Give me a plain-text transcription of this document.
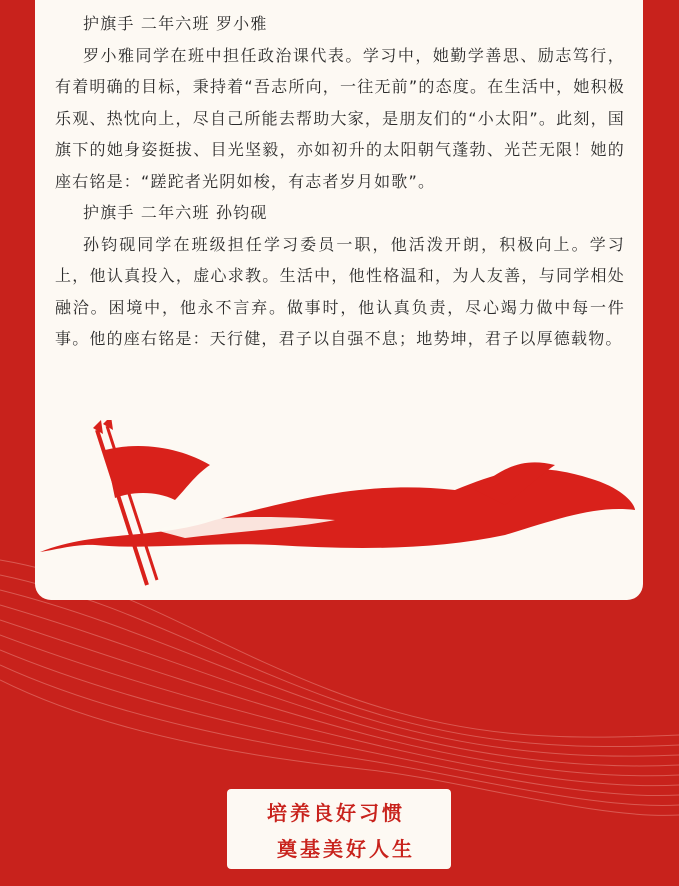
护旗手 二年六班 罗小雅

罗小雅同学在班中担任政治课代表。学习中，她勤学善思、励志笃行，有着明确的目标，秉持着“吾志所向，一往无前”的态度。在生活中，她积极乐观、热忱向上，尽自己所能去帮助大家，是朋友们的“小太阳”。此刻，国旗下的她身姿挺拔、目光坚毅，亦如初升的太阳朝气蓬勃、光芒无限！她的座右铭是：“蹉跎者光阴如梭，有志者岁月如歌”。

护旗手 二年六班 孙钧砚

孙钧砚同学在班级担任学习委员一职，他活泼开朗，积极向上。学习上，他认真投入，虚心求教。生活中，他性格温和，为人友善，与同学相处融洽。困境中，他永不言弃。做事时，他认真负责，尽心竭力做中每一件事。他的座右铭是：天行健，君子以自强不息；地势坤，君子以厚德载物。

培养良好习惯
奠基美好人生
